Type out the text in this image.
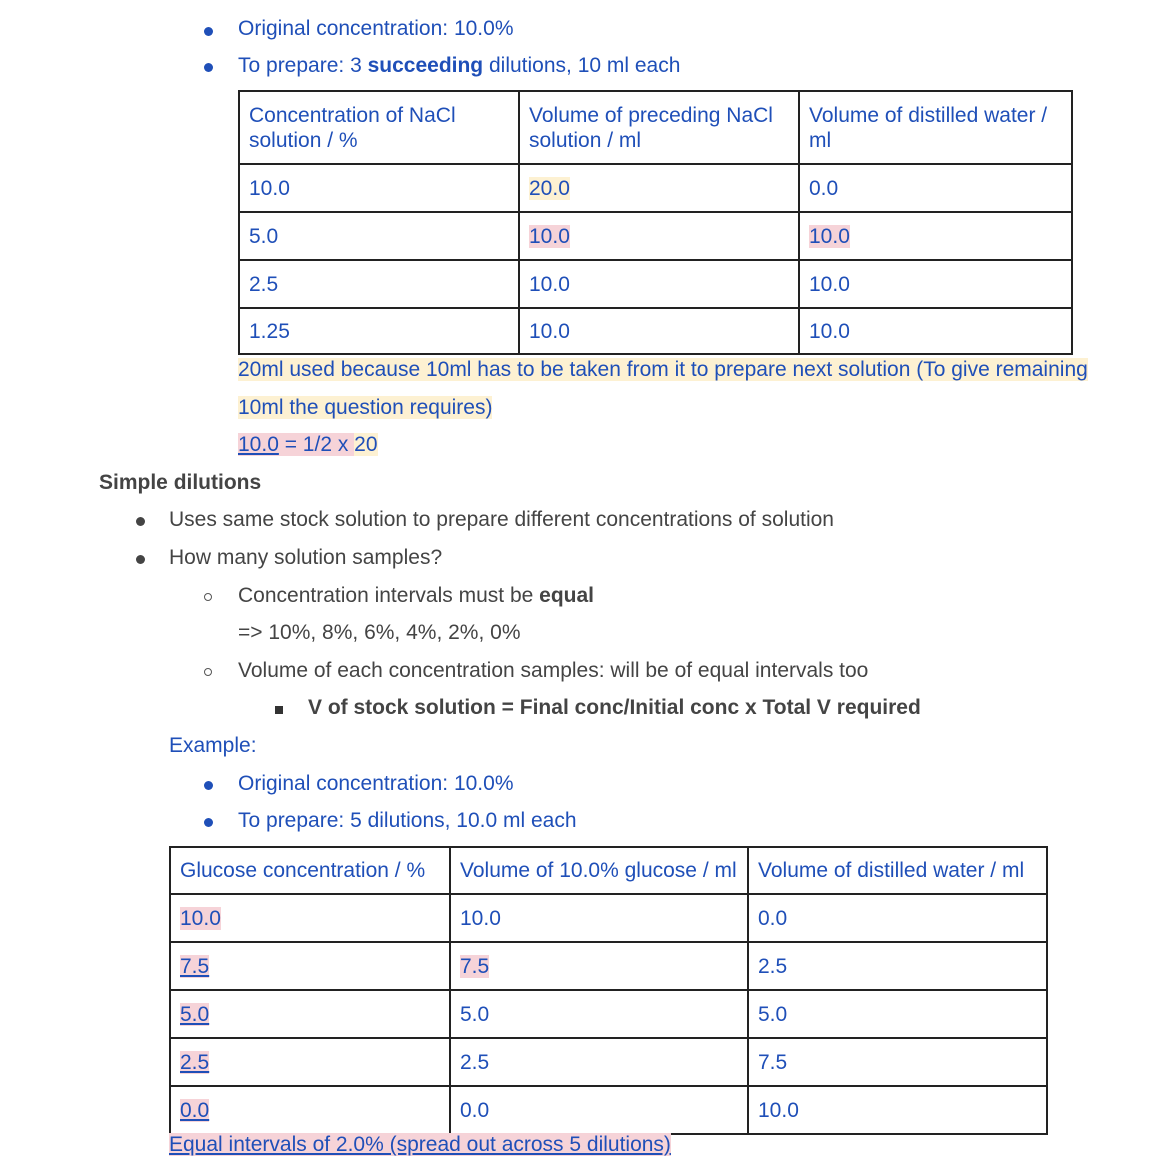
Original concentration: 10.0%
To prepare: 3 succeeding dilutions, 10 ml each
Concentration of NaCl solution / %	Volume of preceding NaCl solution / ml	Volume of distilled water / ml
10.0	20.0	0.0
5.0	10.0	10.0
2.5	10.0	10.0
1.25	10.0	10.0
20ml used because 10ml has to be taken from it to prepare next solution (To give remaining
10ml the question requires)
10.0 = 1/2 x 20
Simple dilutions
Uses same stock solution to prepare different concentrations of solution
How many solution samples?
Concentration intervals must be equal
=> 10%, 8%, 6%, 4%, 2%, 0%
Volume of each concentration samples: will be of equal intervals too
V of stock solution = Final conc/Initial conc x Total V required
Example:
Original concentration: 10.0%
To prepare: 5 dilutions, 10.0 ml each
Glucose concentration / %	Volume of 10.0% glucose / ml	Volume of distilled water / ml
10.0	10.0	0.0
7.5	7.5	2.5
5.0	5.0	5.0
2.5	2.5	7.5
0.0	0.0	10.0
Equal intervals of 2.0% (spread out across 5 dilutions)
